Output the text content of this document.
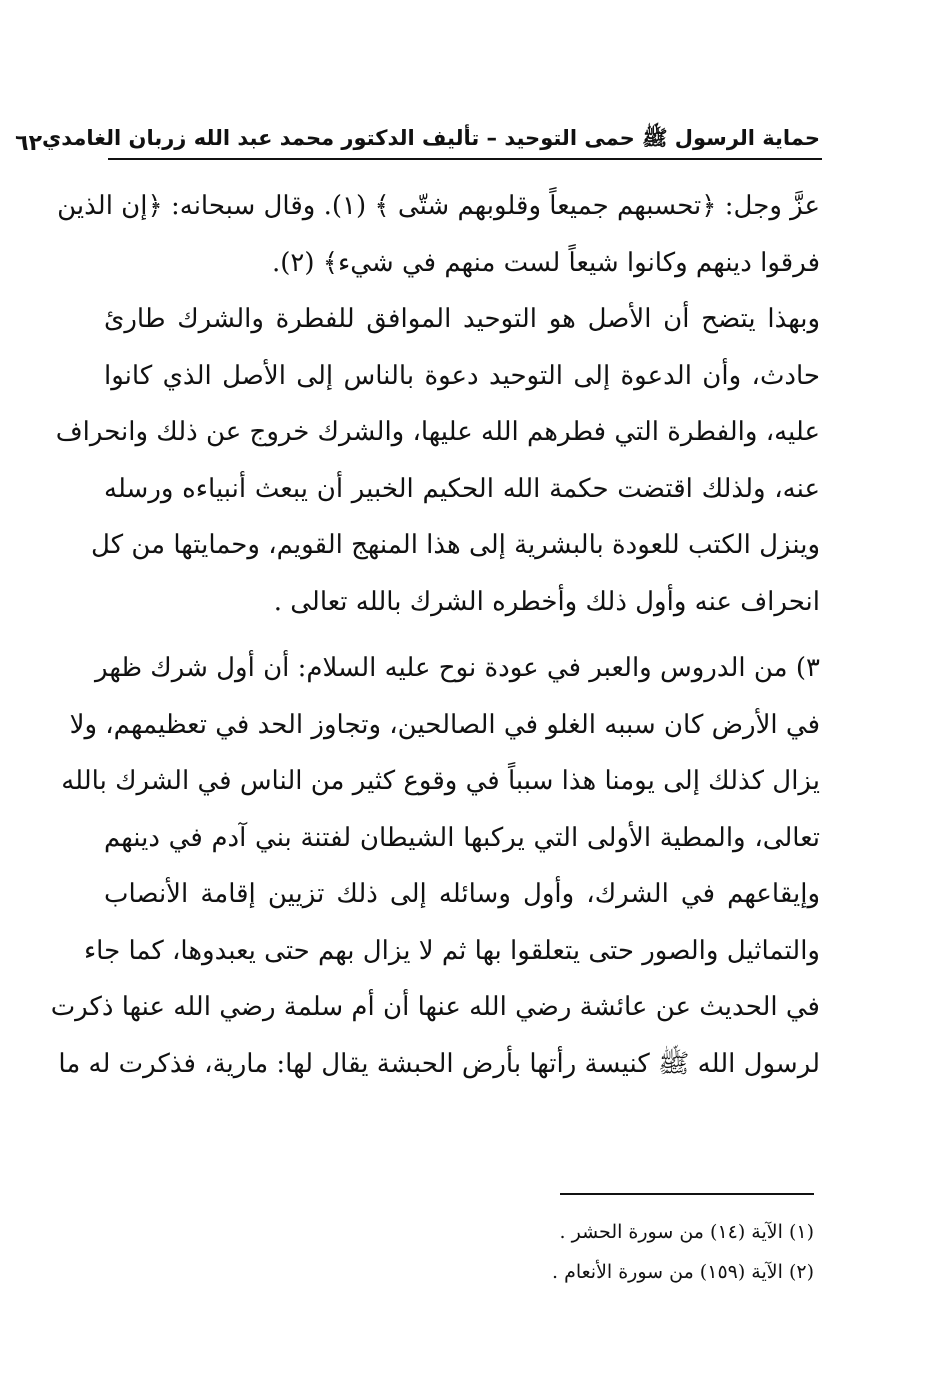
حماية الرسول ﷺ حمى التوحيد – تأليف الدكتور محمد عبد الله زربان الغامدي
٦٢
عزَّ وجل: ﴿تحسبهم جميعاً وقلوبهم شتّى ﴾ (١). وقال سبحانه: ﴿إن الذين
فرقوا دينهم وكانوا شيعاً لست منهم في شيء﴾ (٢).
وبهذا يتضح أن الأصل هو التوحيد الموافق للفطرة والشرك طارئ
حادث، وأن الدعوة إلى التوحيد دعوة بالناس إلى الأصل الذي كانوا
عليه، والفطرة التي فطرهم الله عليها، والشرك خروج عن ذلك وانحراف
عنه، ولذلك اقتضت حكمة الله الحكيم الخبير أن يبعث أنبياءه ورسله
وينزل الكتب للعودة بالبشرية إلى هذا المنهج القويم، وحمايتها من كل
انحراف عنه وأول ذلك وأخطره الشرك بالله تعالى .
٣) من الدروس والعبر في عودة نوح عليه السلام: أن أول شرك ظهر
في الأرض كان سببه الغلو في الصالحين، وتجاوز الحد في تعظيمهم، ولا
يزال كذلك إلى يومنا هذا سبباً في وقوع كثير من الناس في الشرك بالله
تعالى، والمطية الأولى التي يركبها الشيطان لفتنة بني آدم في دينهم
وإيقاعهم في الشرك، وأول وسائله إلى ذلك تزيين إقامة الأنصاب
والتماثيل والصور حتى يتعلقوا بها ثم لا يزال بهم حتى يعبدوها، كما جاء
في الحديث عن عائشة رضي الله عنها أن أم سلمة رضي الله عنها ذكرت
لرسول الله ﷺ كنيسة رأتها بأرض الحبشة يقال لها: مارية، فذكرت له ما
(١) الآية (١٤) من سورة الحشر .
(٢) الآية (١٥٩) من سورة الأنعام .
